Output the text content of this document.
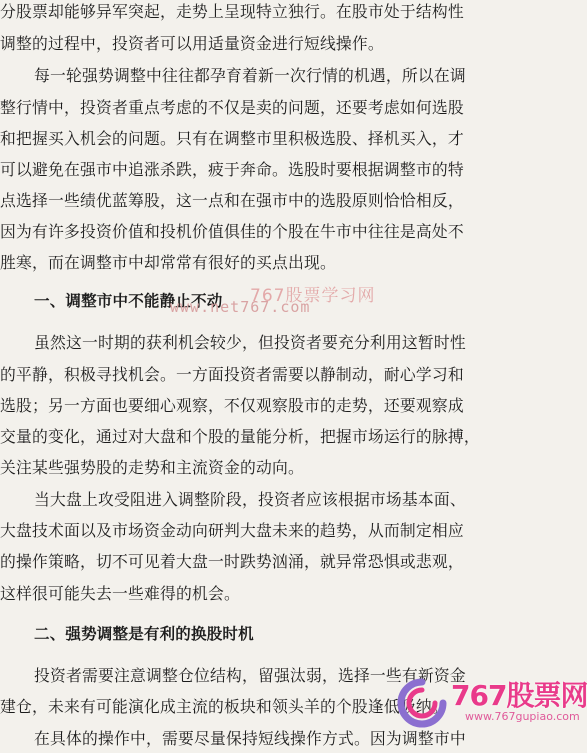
分股票却能够异军突起，走势上呈现特立独行。在股市处于结构性
调整的过程中，投资者可以用适量资金进行短线操作。
每一轮强势调整中往往都孕育着新一次行情的机遇，所以在调
整行情中，投资者重点考虑的不仅是卖的问题，还要考虑如何选股
和把握买入机会的问题。只有在调整市里积极选股、择机买入，才
可以避免在强市中追涨杀跌，疲于奔命。选股时要根据调整市的特
点选择一些绩优蓝筹股，这一点和在强市中的选股原则恰恰相反，
因为有许多投资价值和投机价值俱佳的个股在牛市中往往是高处不
胜寒，而在调整市中却常常有很好的买点出现。
一、调整市中不能静止不动
虽然这一时期的获利机会较少，但投资者要充分利用这暂时性
的平静，积极寻找机会。一方面投资者需要以静制动，耐心学习和
选股；另一方面也要细心观察，不仅观察股市的走势，还要观察成
交量的变化，通过对大盘和个股的量能分析，把握市场运行的脉搏，
关注某些强势股的走势和主流资金的动向。
当大盘上攻受阻进入调整阶段，投资者应该根据市场基本面、
大盘技术面以及市场资金动向研判大盘未来的趋势，从而制定相应
的操作策略，切不可见着大盘一时跌势汹涌，就异常恐惧或悲观，
这样很可能失去一些难得的机会。
二、强势调整是有利的换股时机
投资者需要注意调整仓位结构，留强汰弱，选择一些有新资金
建仓，未来有可能演化成主流的板块和领头羊的个股逢低吸纳。
在具体的操作中，需要尽量保持短线操作方式。因为调整市中
767股票学习网
www.net767.com
767股票网
www.767gupiao.com
